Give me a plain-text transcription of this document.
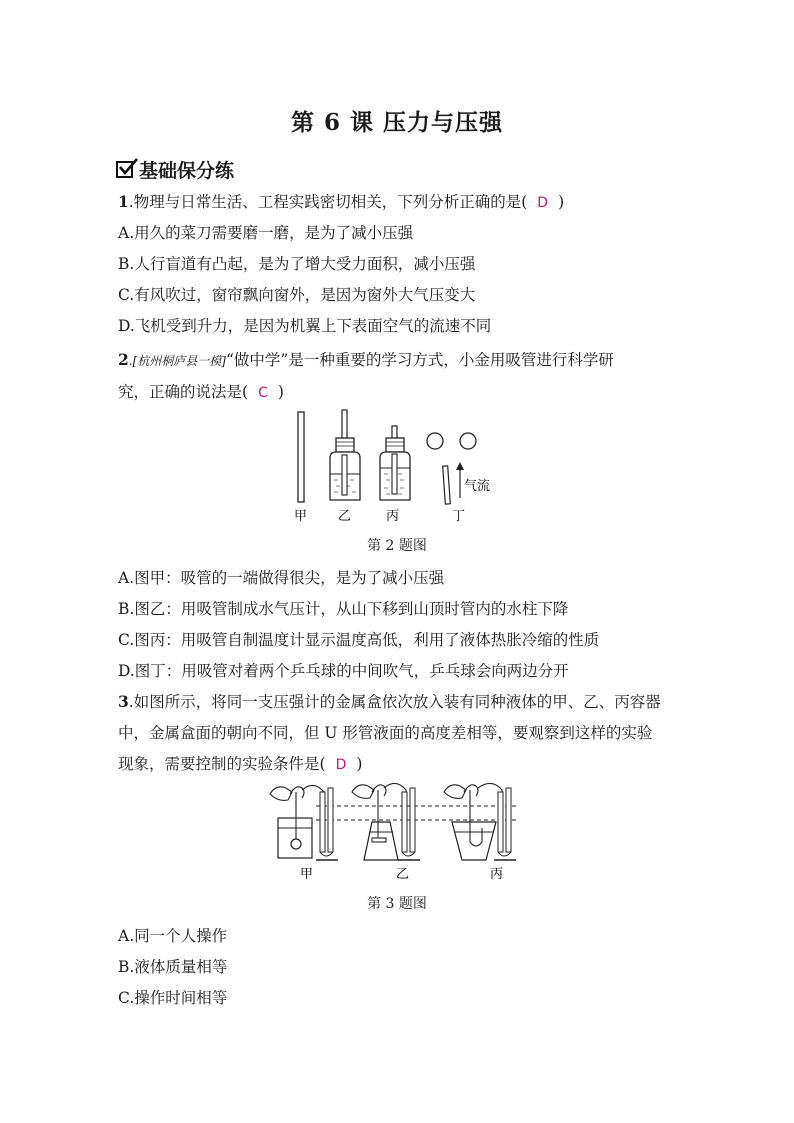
第 6 课 压力与压强
基础保分练
1.物理与日常生活、工程实践密切相关，下列分析正确的是( D )
A.用久的菜刀需要磨一磨，是为了减小压强
B.人行盲道有凸起，是为了增大受力面积，减小压强
C.有风吹过，窗帘飘向窗外，是因为窗外大气压变大
D.飞机受到升力，是因为机翼上下表面空气的流速不同
2.[杭州桐庐县一模]“做中学”是一种重要的学习方式，小金用吸管进行科学研
究，正确的说法是( C )
气流
甲 乙	丙	丁
第 2 题图
A.图甲：吸管的一端做得很尖，是为了减小压强
B.图乙：用吸管制成水气压计，从山下移到山顶时管内的水柱下降
C.图丙：用吸管自制温度计显示温度高低，利用了液体热胀冷缩的性质
D.图丁：用吸管对着两个乒乓球的中间吹气，乒乓球会向两边分开
3.如图所示，将同一支压强计的金属盒依次放入装有同种液体的甲、乙、丙容器
中，金属盒面的朝向不同，但 U 形管液面的高度差相等，要观察到这样的实验
现象，需要控制的实验条件是( D )
甲	乙	丙
第 3 题图
A.同一个人操作
B.液体质量相等
C.操作时间相等
